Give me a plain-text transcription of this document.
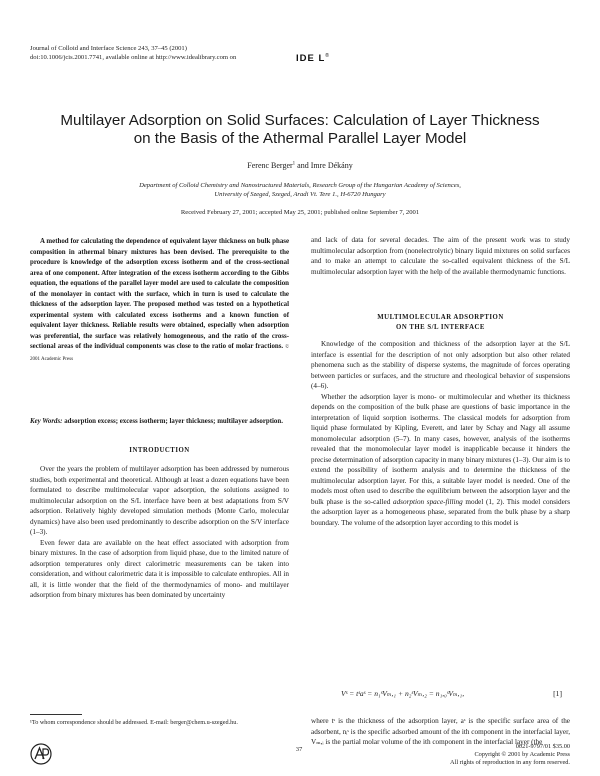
Journal of Colloid and Interface Science 243, 37–45 (2001)
doi:10.1006/jcis.2001.7741, available online at http://www.idealibrary.com on	IDE L®
Multilayer Adsorption on Solid Surfaces: Calculation of Layer Thickness
on the Basis of the Athermal Parallel Layer Model
Ferenc Berger$^1$ and Imre Dékány
Department of Colloid Chemistry and Nanostructured Materials, Research Group of the Hungarian Academy of Sciences,
University of Szeged, Szeged, Aradi Vt. Tere 1., H-6720 Hungary
Received February 27, 2001; accepted May 25, 2001; published online September 7, 2001
A method for calculating the dependence of equivalent layer thickness on bulk phase composition in athermal binary mixtures has been devised. The prerequisite to the procedure is knowledge of the adsorption excess isotherm and of the cross-sectional area of one component. After integration of the excess isotherm according to the Gibbs equation, the equations of the parallel layer model are used to calculate the composition of the monolayer in contact with the surface, which in turn is used to calculate the thickness of the adsorption layer. The proposed method was tested on a hypothetical experimental system with calculated excess isotherms and a known function of equivalent layer thickness. Reliable results were obtained, especially when adsorption was preferential, the surface was relatively homogeneous, and the ratio of the cross-sectional areas of the individual components was close to the ratio of molar fractions. © 2001 Academic Press
Key Words: adsorption excess; excess isotherm; layer thickness; multilayer adsorption.
INTRODUCTION

Over the years the problem of multilayer adsorption has been addressed by numerous studies, both experimental and theoretical. Although at least a dozen equations have been formulated to describe multimolecular vapor adsorption, the solutions assigned to multimolecular adsorption on the S/L interface have been at best adaptations from S/V adsorption. Relatively highly developed simulation methods (Monte Carlo, molecular dynamics) have also been used predominantly to describe adsorption on the S/V interface (1–3).

Even fewer data are available on the heat effect associated with adsorption from binary mixtures. In the case of adsorption from liquid phase, due to the limited nature of adsorption temperatures only direct calorimetric measurements can be taken into consideration, and without calorimetric data it is impossible to calculate enthropies. All in all, it is little wonder that the field of the thermodynamics of mono- and multilayer adsorption from binary mixtures has been dominated by uncertainty

¹To whom correspondence should be addressed. E-mail: berger@chem.u-szeged.hu.

and lack of data for several decades. The aim of the present work was to study multimolecular adsorption from (nonelectrolytic) binary liquid mixtures on solid surfaces and to make an attempt to calculate the so-called equivalent thickness of the S/L multimolecular adsorption layer with the help of the available thermodynamic functions.

MULTIMOLECULAR ADSORPTION
ON THE S/L INTERFACE

Knowledge of the composition and thickness of the adsorption layer at the S/L interface is essential for the description of not only adsorption but also other related phenomena such as the stability of disperse systems, the magnitude of forces operating between particles or surfaces, and the structure and rheological behavior of suspensions (4–6).

Whether the adsorption layer is mono- or multimolecular and whether its thickness depends on the composition of the bulk phase are questions of basic importance in the interpretation of liquid sorption isotherms. The classical models for adsorption from liquid phase formulated by Kipling, Everett, and later by Schay and Nagy all assume monomolecular adsorption (5–7). In many cases, however, analysis of the isotherms revealed that the monomolecular layer model is inapplicable because it hinders the precise determination of adsorption capacity in many binary mixtures (1–3). Our aim is to extend the possibility of isotherm analysis and to determine the thickness of the multimolecular adsorption layer. For this, a suitable layer model is needed. One of the models most often used to describe the equilibrium between the adsorption layer and the bulk phase is the so-called adsorption space-filling model (1, 2). This model considers the adsorption layer as a homogeneous phase, separated from the bulk phase by a sharp boundary. The volume of the adsorption layer according to this model is

Vˢ = tˢaˢ = n₁ˢVₘ,₁ + n₂ˢVₘ,₂ = n₁,₀ˢVₘ,₁,	[1]

where tˢ is the thickness of the adsorption layer, aˢ is the specific surface area of the adsorbent, nᵢˢ is the specific adsorbed amount of the ith component in the interfacial layer, Vₘ,ᵢ is the partial molar volume of the ith component in the interfacial layer (the

37	0021-9797/01 $35.00
Copyright © 2001 by Academic Press
All rights of reproduction in any form reserved.
